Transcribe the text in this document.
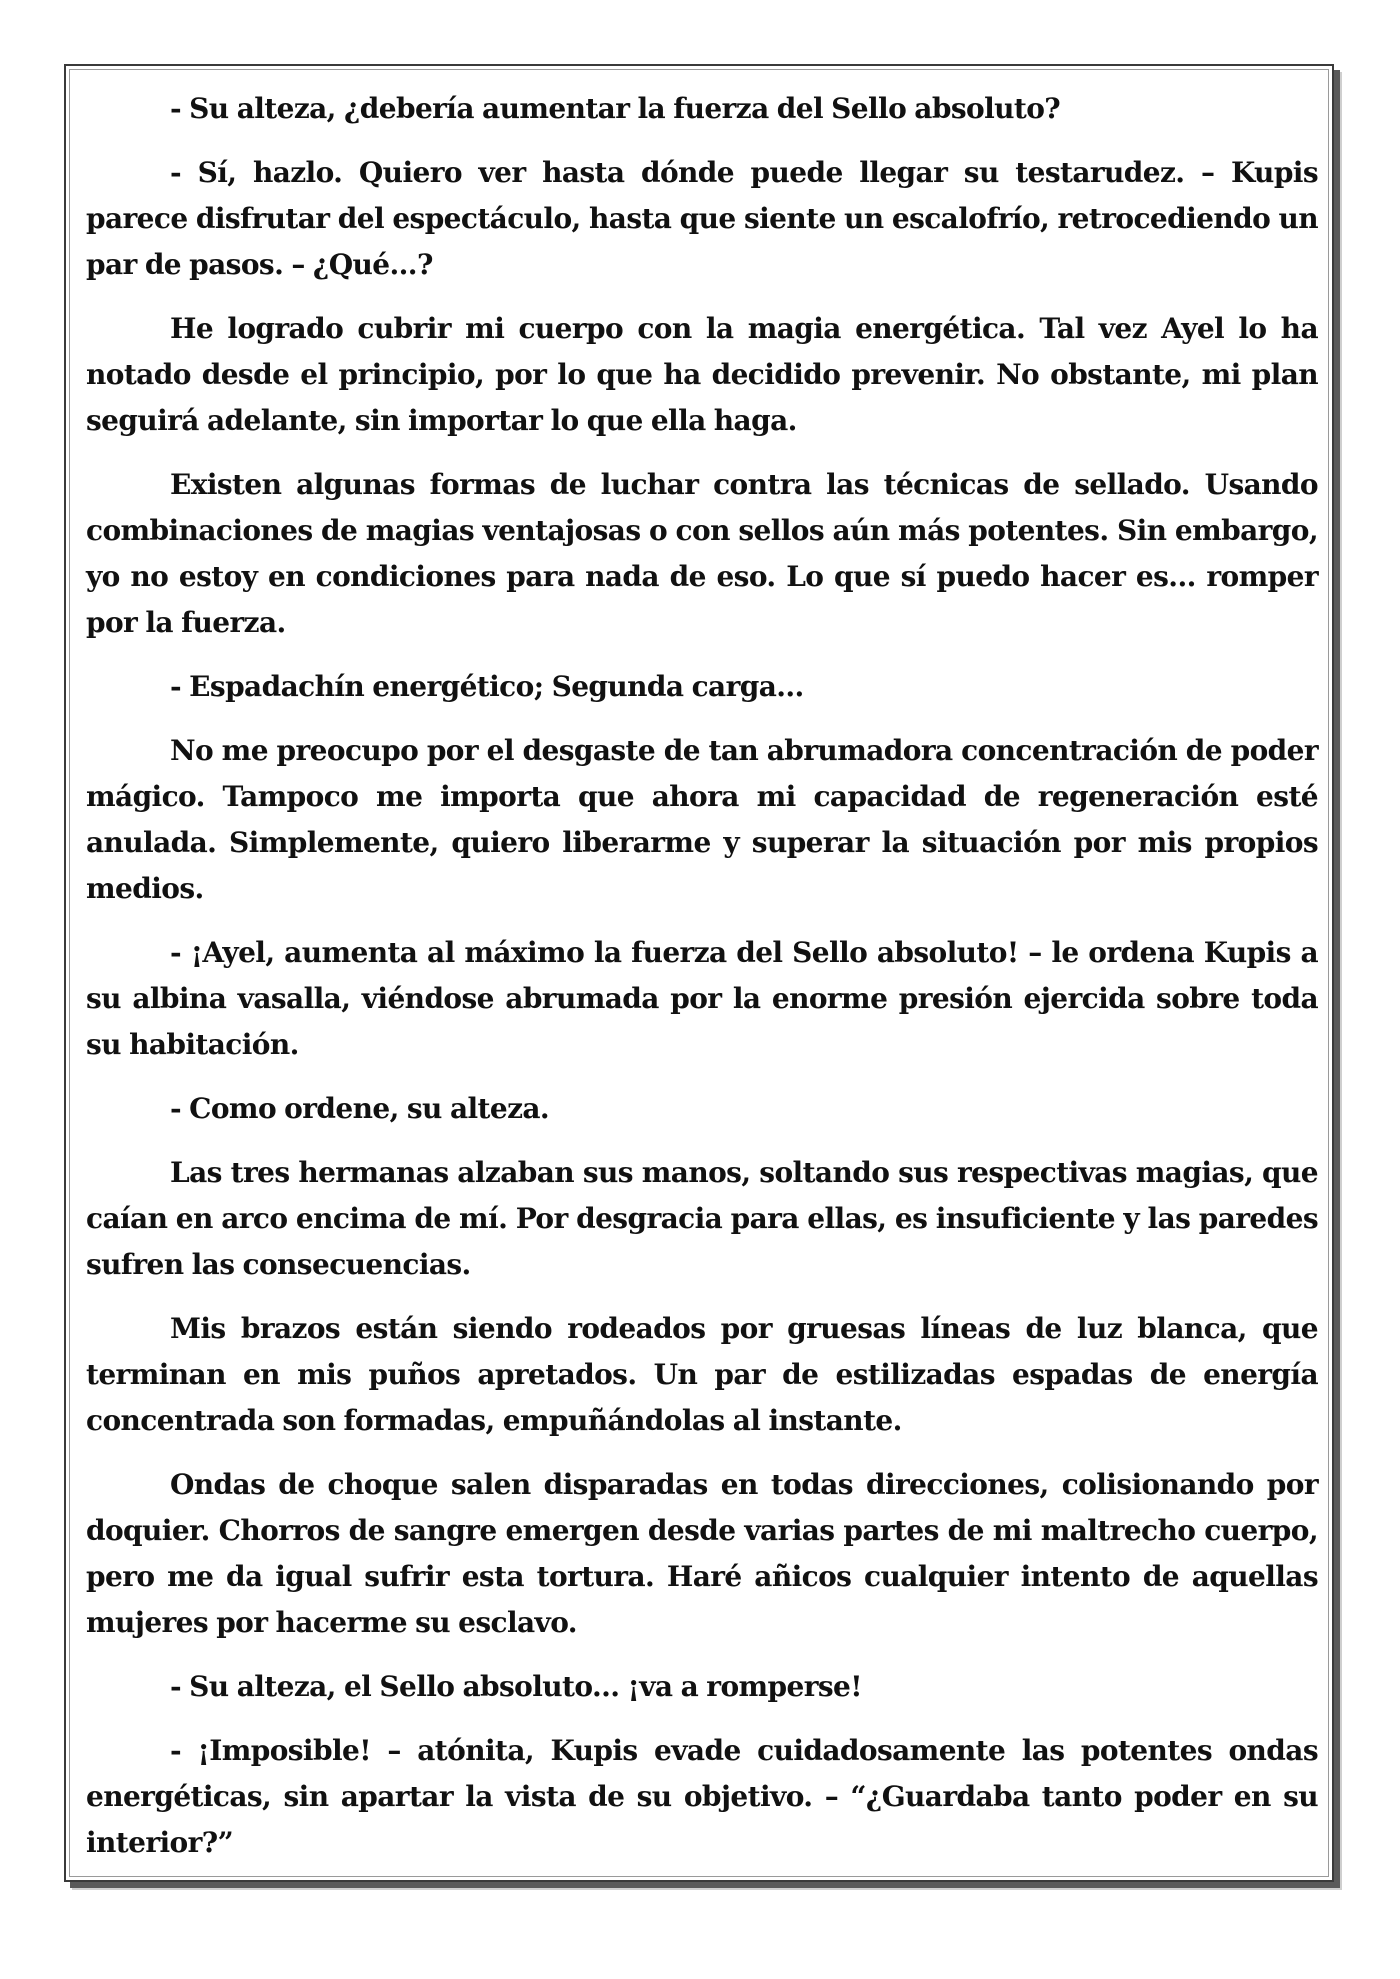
- Su alteza, ¿debería aumentar la fuerza del Sello absoluto?

- Sí, hazlo. Quiero ver hasta dónde puede llegar su testarudez. – Kupis parece disfrutar del espectáculo, hasta que siente un escalofrío, retrocediendo un par de pasos. – ¿Qué...?

He logrado cubrir mi cuerpo con la magia energética. Tal vez Ayel lo ha notado desde el principio, por lo que ha decidido prevenir. No obstante, mi plan seguirá adelante, sin importar lo que ella haga.

Existen algunas formas de luchar contra las técnicas de sellado. Usando combinaciones de magias ventajosas o con sellos aún más potentes. Sin embargo, yo no estoy en condiciones para nada de eso. Lo que sí puedo hacer es... romper por la fuerza.

- Espadachín energético; Segunda carga...

No me preocupo por el desgaste de tan abrumadora concentración de poder mágico. Tampoco me importa que ahora mi capacidad de regeneración esté anulada. Simplemente, quiero liberarme y superar la situación por mis propios medios.

- ¡Ayel, aumenta al máximo la fuerza del Sello absoluto! – le ordena Kupis a su albina vasalla, viéndose abrumada por la enorme presión ejercida sobre toda su habitación.

- Como ordene, su alteza.

Las tres hermanas alzaban sus manos, soltando sus respectivas magias, que caían en arco encima de mí. Por desgracia para ellas, es insuficiente y las paredes sufren las consecuencias.

Mis brazos están siendo rodeados por gruesas líneas de luz blanca, que terminan en mis puños apretados. Un par de estilizadas espadas de energía concentrada son formadas, empuñándolas al instante.

Ondas de choque salen disparadas en todas direcciones, colisionando por doquier. Chorros de sangre emergen desde varias partes de mi maltrecho cuerpo, pero me da igual sufrir esta tortura. Haré añicos cualquier intento de aquellas mujeres por hacerme su esclavo.

- Su alteza, el Sello absoluto... ¡va a romperse!

- ¡Imposible! – atónita, Kupis evade cuidadosamente las potentes ondas energéticas, sin apartar la vista de su objetivo. – “¿Guardaba tanto poder en su interior?”
